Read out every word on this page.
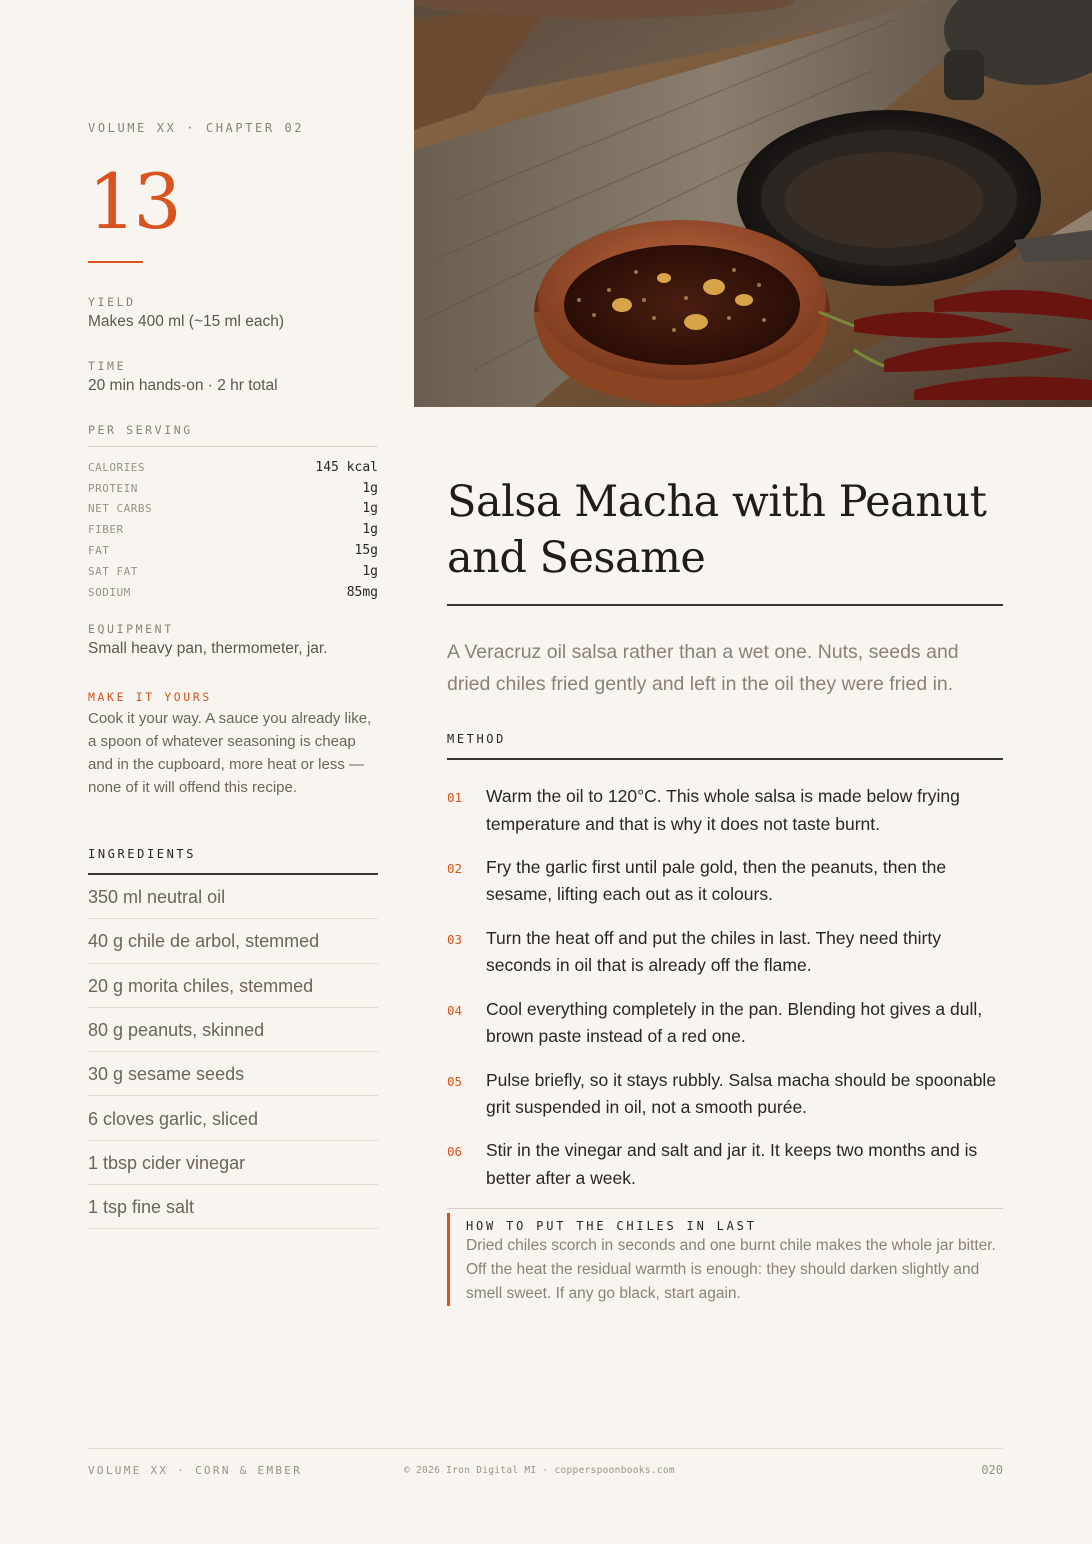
VOLUME XX · CHAPTER 02
13
YIELD
Makes 400 ml (~15 ml each)
TIME
20 min hands-on · 2 hr total
PER SERVING
CALORIES	145 kcal
PROTEIN	1g
NET CARBS	1g
FIBER	1g
FAT	15g
SAT FAT	1g
SODIUM	85mg
EQUIPMENT
Small heavy pan, thermometer, jar.
MAKE IT YOURS
Cook it your way. A sauce you already like, a spoon of whatever seasoning is cheap and in the cupboard, more heat or less — none of it will offend this recipe.
INGREDIENTS
350 ml neutral oil
40 g chile de arbol, stemmed
20 g morita chiles, stemmed
80 g peanuts, skinned
30 g sesame seeds
6 cloves garlic, sliced
1 tbsp cider vinegar
1 tsp fine salt
Salsa Macha with Peanut and Sesame

A Veracruz oil salsa rather than a wet one. Nuts, seeds and dried chiles fried gently and left in the oil they were fried in.

METHOD
01	Warm the oil to 120°C. This whole salsa is made below frying temperature and that is why it does not taste burnt.
02	Fry the garlic first until pale gold, then the peanuts, then the sesame, lifting each out as it colours.
03	Turn the heat off and put the chiles in last. They need thirty seconds in oil that is already off the flame.
04	Cool everything completely in the pan. Blending hot gives a dull, brown paste instead of a red one.
05	Pulse briefly, so it stays rubbly. Salsa macha should be spoonable grit suspended in oil, not a smooth purée.
06	Stir in the vinegar and salt and jar it. It keeps two months and is better after a week.
HOW TO PUT THE CHILES IN LAST
Dried chiles scorch in seconds and one burnt chile makes the whole jar bitter. Off the heat the residual warmth is enough: they should darken slightly and smell sweet. If any go black, start again.
VOLUME XX · CORN & EMBER	© 2026 Iron Digital MI · copperspoonbooks.com	020
